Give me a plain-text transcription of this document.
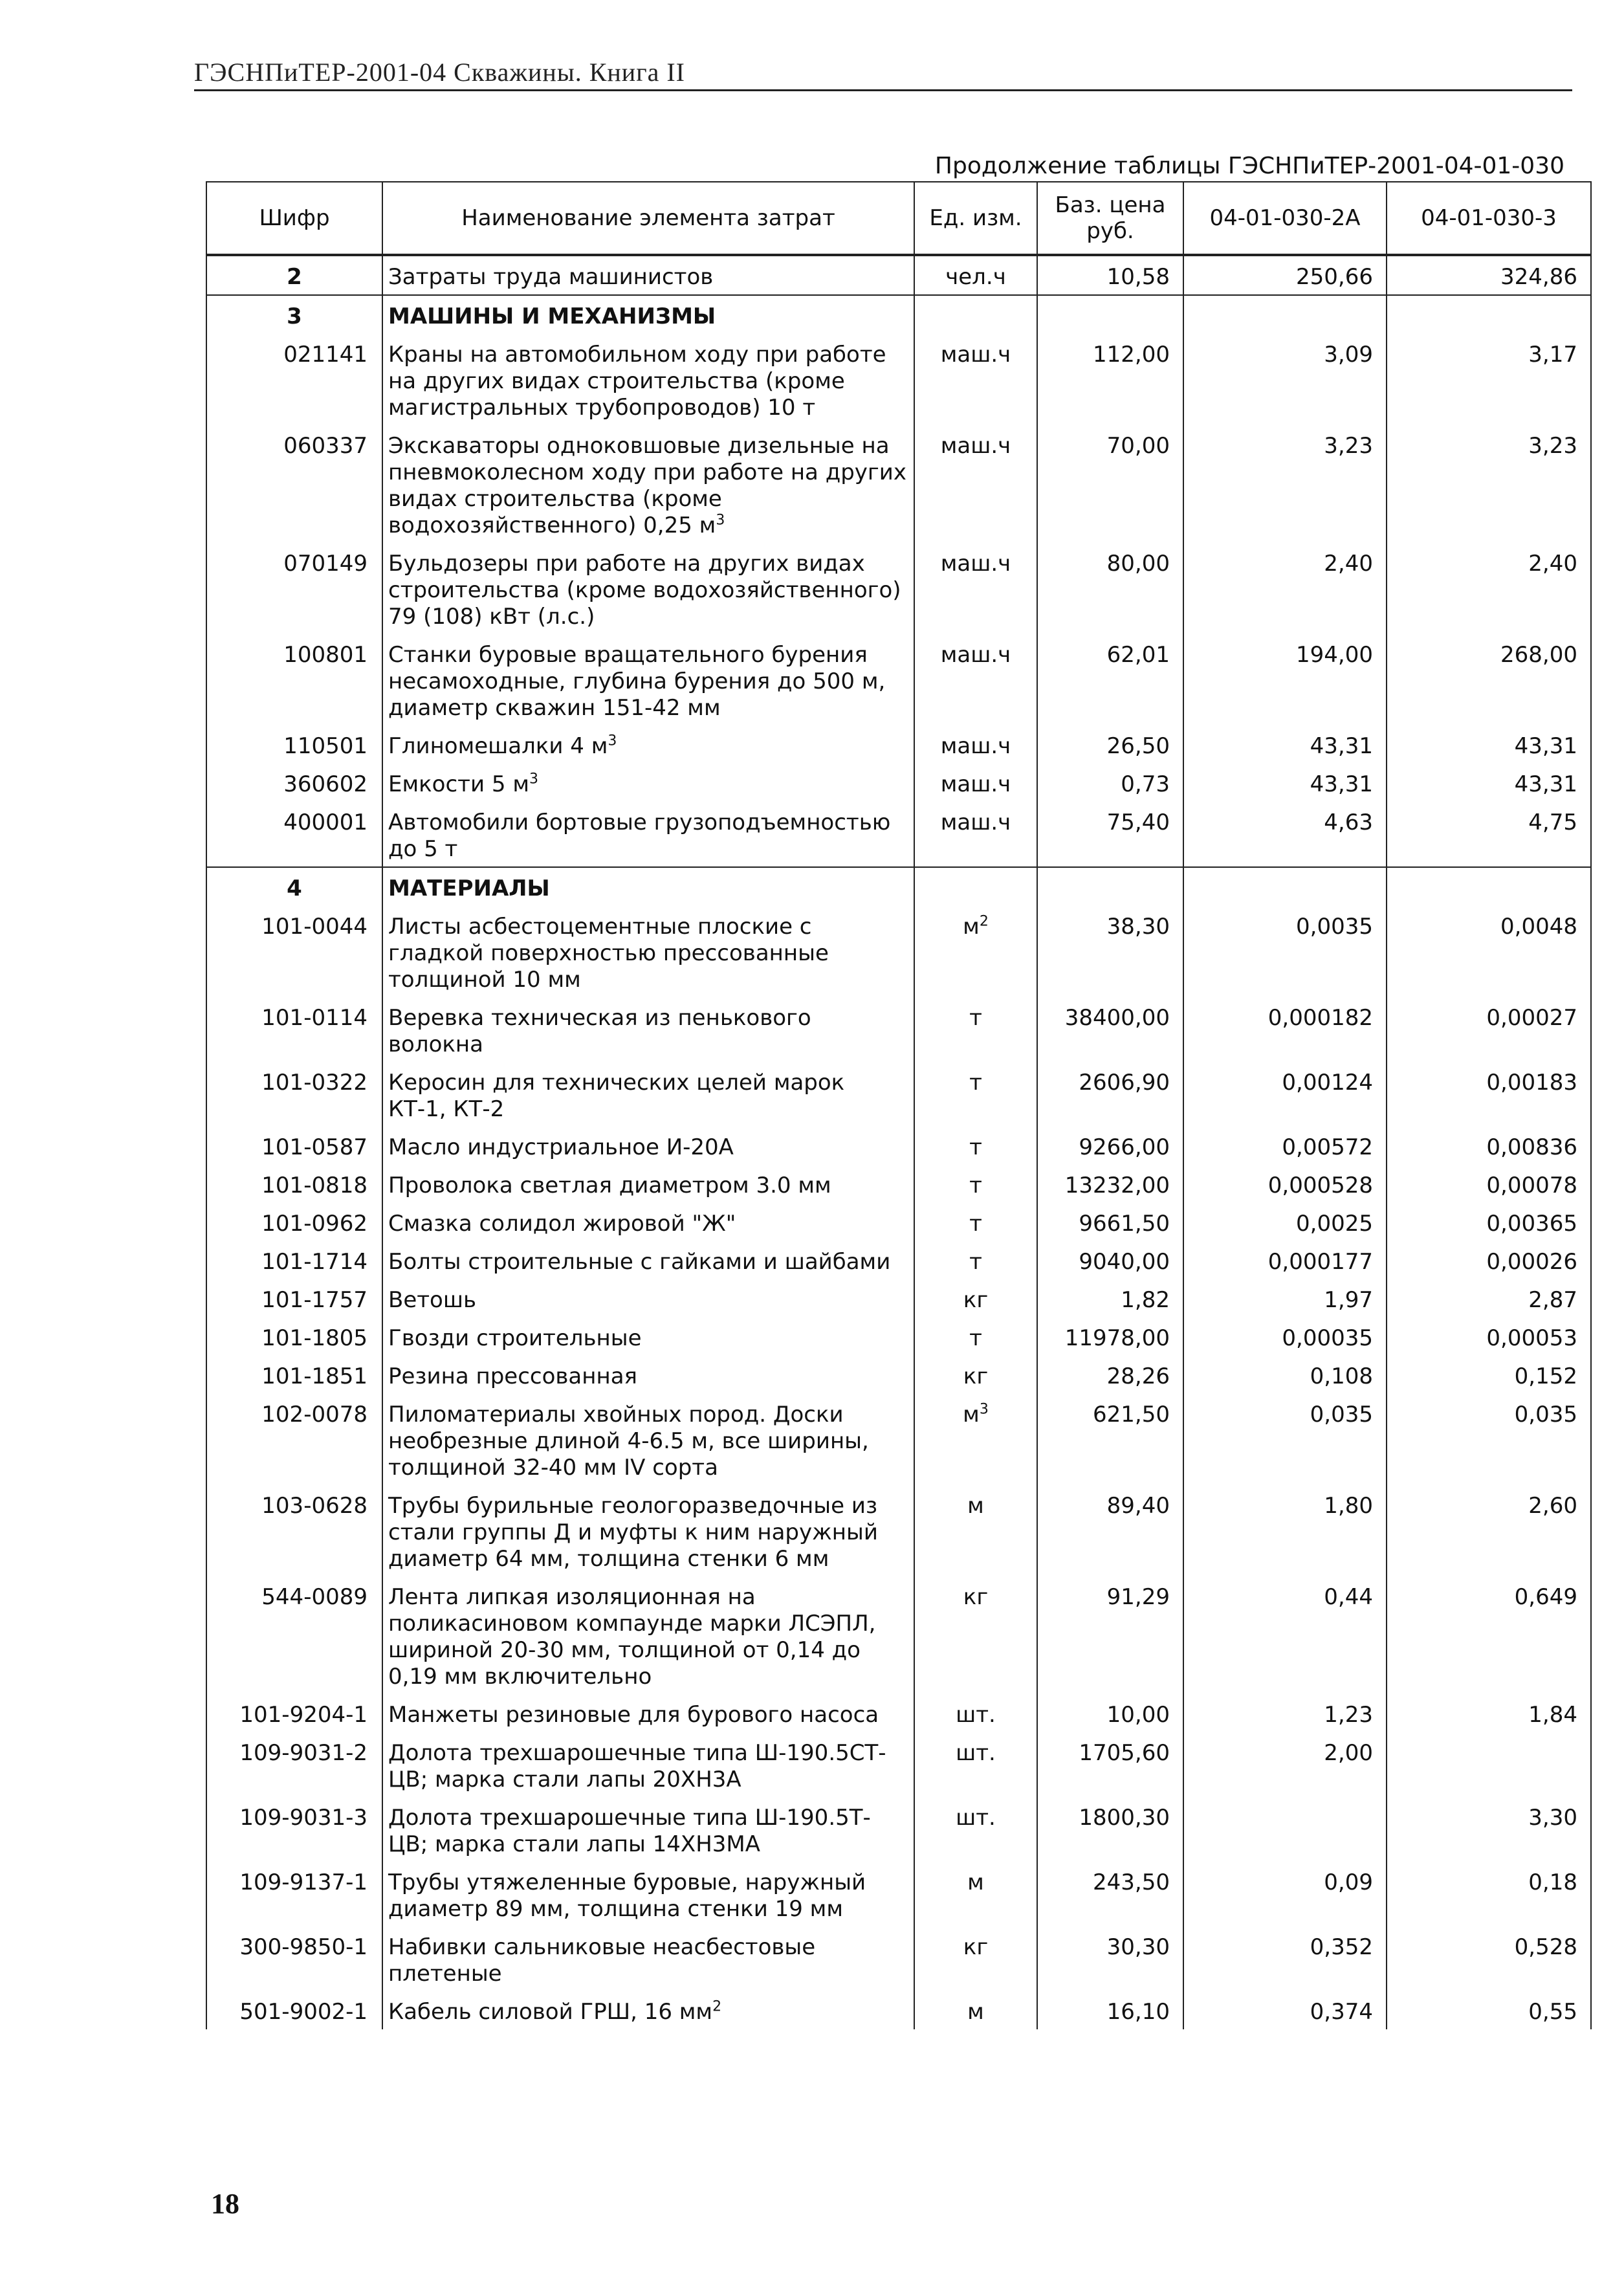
ГЭСНПиТЕР-2001-04 Скважины. Книга II
Продолжение таблицы ГЭСНПиТЕР-2001-04-01-030
Шифр	Наименование элемента затрат	Ед. изм.	Баз. цена руб.	04-01-030-2А	04-01-030-3
2	Затраты труда машинистов	чел.ч	10,58	250,66	324,86
3	МАШИНЫ И МЕХАНИЗМЫ				
021141	Краны на автомобильном ходу при работе на других видах строительства (кроме магистральных трубопроводов) 10 т	маш.ч	112,00	3,09	3,17
060337	Экскаваторы одноковшовые дизельные на пневмоколесном ходу при работе на других видах строительства (кроме водохозяйственного) 0,25 $м^3$	маш.ч	70,00	3,23	3,23
070149	Бульдозеры при работе на других видах строительства (кроме водохозяйственного) 79 (108) кВт (л.с.)	маш.ч	80,00	2,40	2,40
100801	Станки буровые вращательного бурения несамоходные, глубина бурения до 500 м, диаметр скважин 151-42 мм	маш.ч	62,01	194,00	268,00
110501	Глиномешалки 4 $м^3$	маш.ч	26,50	43,31	43,31
360602	Емкости 5 $м^3$	маш.ч	0,73	43,31	43,31
400001	Автомобили бортовые грузоподъемностью до 5 т	маш.ч	75,40	4,63	4,75
4	МАТЕРИАЛЫ				
101-0044	Листы асбестоцементные плоские с гладкой поверхностью прессованные толщиной 10 мм	$м^2$	38,30	0,0035	0,0048
101-0114	Веревка техническая из пенькового волокна	т	38400,00	0,000182	0,00027
101-0322	Керосин для технических целей марок КТ-1, КТ-2	т	2606,90	0,00124	0,00183
101-0587	Масло индустриальное И-20А	т	9266,00	0,00572	0,00836
101-0818	Проволока светлая диаметром 3.0 мм	т	13232,00	0,000528	0,00078
101-0962	Смазка солидол жировой "Ж"	т	9661,50	0,0025	0,00365
101-1714	Болты строительные с гайками и шайбами	т	9040,00	0,000177	0,00026
101-1757	Ветошь	кг	1,82	1,97	2,87
101-1805	Гвозди строительные	т	11978,00	0,00035	0,00053
101-1851	Резина прессованная	кг	28,26	0,108	0,152
102-0078	Пиломатериалы хвойных пород. Доски необрезные длиной 4-6.5 м, все ширины, толщиной 32-40 мм IV сорта	$м^3$	621,50	0,035	0,035
103-0628	Трубы бурильные геологоразведочные из стали группы Д и муфты к ним наружный диаметр 64 мм, толщина стенки 6 мм	м	89,40	1,80	2,60
544-0089	Лента липкая изоляционная на поликасиновом компаунде марки ЛСЭПЛ, шириной 20-30 мм, толщиной от 0,14 до 0,19 мм включительно	кг	91,29	0,44	0,649
101-9204-1	Манжеты резиновые для бурового насоса	шт.	10,00	1,23	1,84
109-9031-2	Долота трехшарошечные типа Ш-190.5СТ-ЦВ; марка стали лапы 20ХН3А	шт.	1705,60	2,00	
109-9031-3	Долота трехшарошечные типа Ш-190.5Т-ЦВ; марка стали лапы 14ХН3МА	шт.	1800,30		3,30
109-9137-1	Трубы утяжеленные буровые, наружный диаметр 89 мм, толщина стенки 19 мм	м	243,50	0,09	0,18
300-9850-1	Набивки сальниковые неасбестовые плетеные	кг	30,30	0,352	0,528
501-9002-1	Кабель силовой ГРШ, 16 $мм^2$	м	16,10	0,374	0,55
18
